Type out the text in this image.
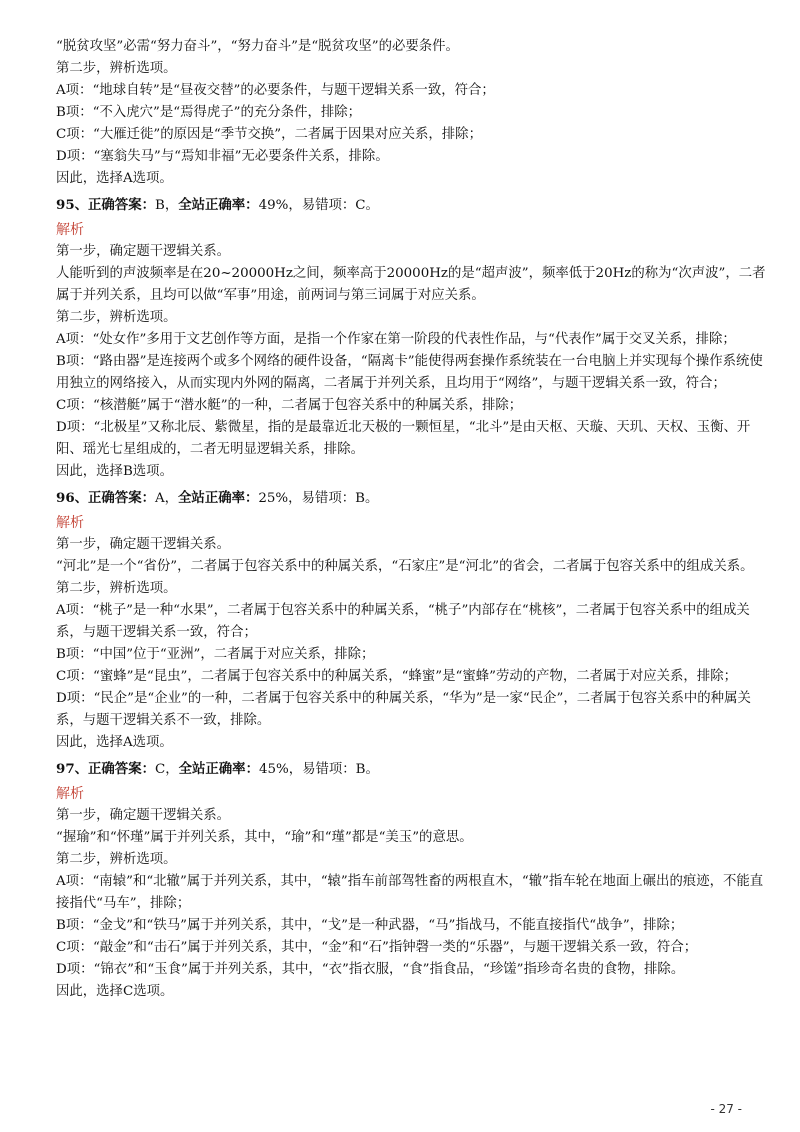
“脱贫攻坚”必需“努力奋斗”，“努力奋斗”是“脱贫攻坚”的必要条件。
第二步，辨析选项。
A项：“地球自转”是“昼夜交替”的必要条件，与题干逻辑关系一致，符合；
B项：“不入虎穴”是“焉得虎子”的充分条件，排除；
C项：“大雁迁徙”的原因是“季节交换”，二者属于因果对应关系，排除；
D项：“塞翁失马”与“焉知非福”无必要条件关系，排除。
因此，选择A选项。
95、正确答案：B，全站正确率：49%，易错项：C。
解析
第一步，确定题干逻辑关系。
人能听到的声波频率是在20~20000Hz之间，频率高于20000Hz的是“超声波”，频率低于20Hz的称为“次声波”，二者属于并列关系，且均可以做“军事”用途，前两词与第三词属于对应关系。
第二步，辨析选项。
A项：“处女作”多用于文艺创作等方面，是指一个作家在第一阶段的代表性作品，与“代表作”属于交叉关系，排除；
B项：“路由器”是连接两个或多个网络的硬件设备，“隔离卡”能使得两套操作系统装在一台电脑上并实现每个操作系统使用独立的网络接入，从而实现内外网的隔离，二者属于并列关系，且均用于“网络”，与题干逻辑关系一致，符合；
C项：“核潜艇”属于“潜水艇”的一种，二者属于包容关系中的种属关系，排除；
D项：“北极星”又称北辰、紫微星，指的是最靠近北天极的一颗恒星，“北斗”是由天枢、天璇、天玑、天权、玉衡、开阳、瑶光七星组成的，二者无明显逻辑关系，排除。
因此，选择B选项。
96、正确答案：A，全站正确率：25%，易错项：B。
解析
第一步，确定题干逻辑关系。
“河北”是一个“省份”，二者属于包容关系中的种属关系，“石家庄”是“河北”的省会，二者属于包容关系中的组成关系。
第二步，辨析选项。
A项：“桃子”是一种“水果”，二者属于包容关系中的种属关系，“桃子”内部存在“桃核”，二者属于包容关系中的组成关系，与题干逻辑关系一致，符合；
B项：“中国”位于“亚洲”，二者属于对应关系，排除；
C项：“蜜蜂”是“昆虫”，二者属于包容关系中的种属关系，“蜂蜜”是“蜜蜂”劳动的产物，二者属于对应关系，排除；
D项：“民企”是“企业”的一种，二者属于包容关系中的种属关系，“华为”是一家“民企”，二者属于包容关系中的种属关系，与题干逻辑关系不一致，排除。
因此，选择A选项。
97、正确答案：C，全站正确率：45%，易错项：B。
解析
第一步，确定题干逻辑关系。
“握瑜”和“怀瑾”属于并列关系，其中，“瑜”和“瑾”都是“美玉”的意思。
第二步，辨析选项。
A项：“南辕”和“北辙”属于并列关系，其中，“辕”指车前部驾牲畜的两根直木，“辙”指车轮在地面上碾出的痕迹，不能直接指代“马车”，排除；
B项：“金戈”和“铁马”属于并列关系，其中，“戈”是一种武器，“马”指战马，不能直接指代“战争”，排除；
C项：“敲金”和“击石”属于并列关系，其中，“金”和“石”指钟磬一类的“乐器”，与题干逻辑关系一致，符合；
D项：“锦衣”和“玉食”属于并列关系，其中，“衣”指衣服，“食”指食品，“珍馐”指珍奇名贵的食物，排除。
因此，选择C选项。
- 27 -
